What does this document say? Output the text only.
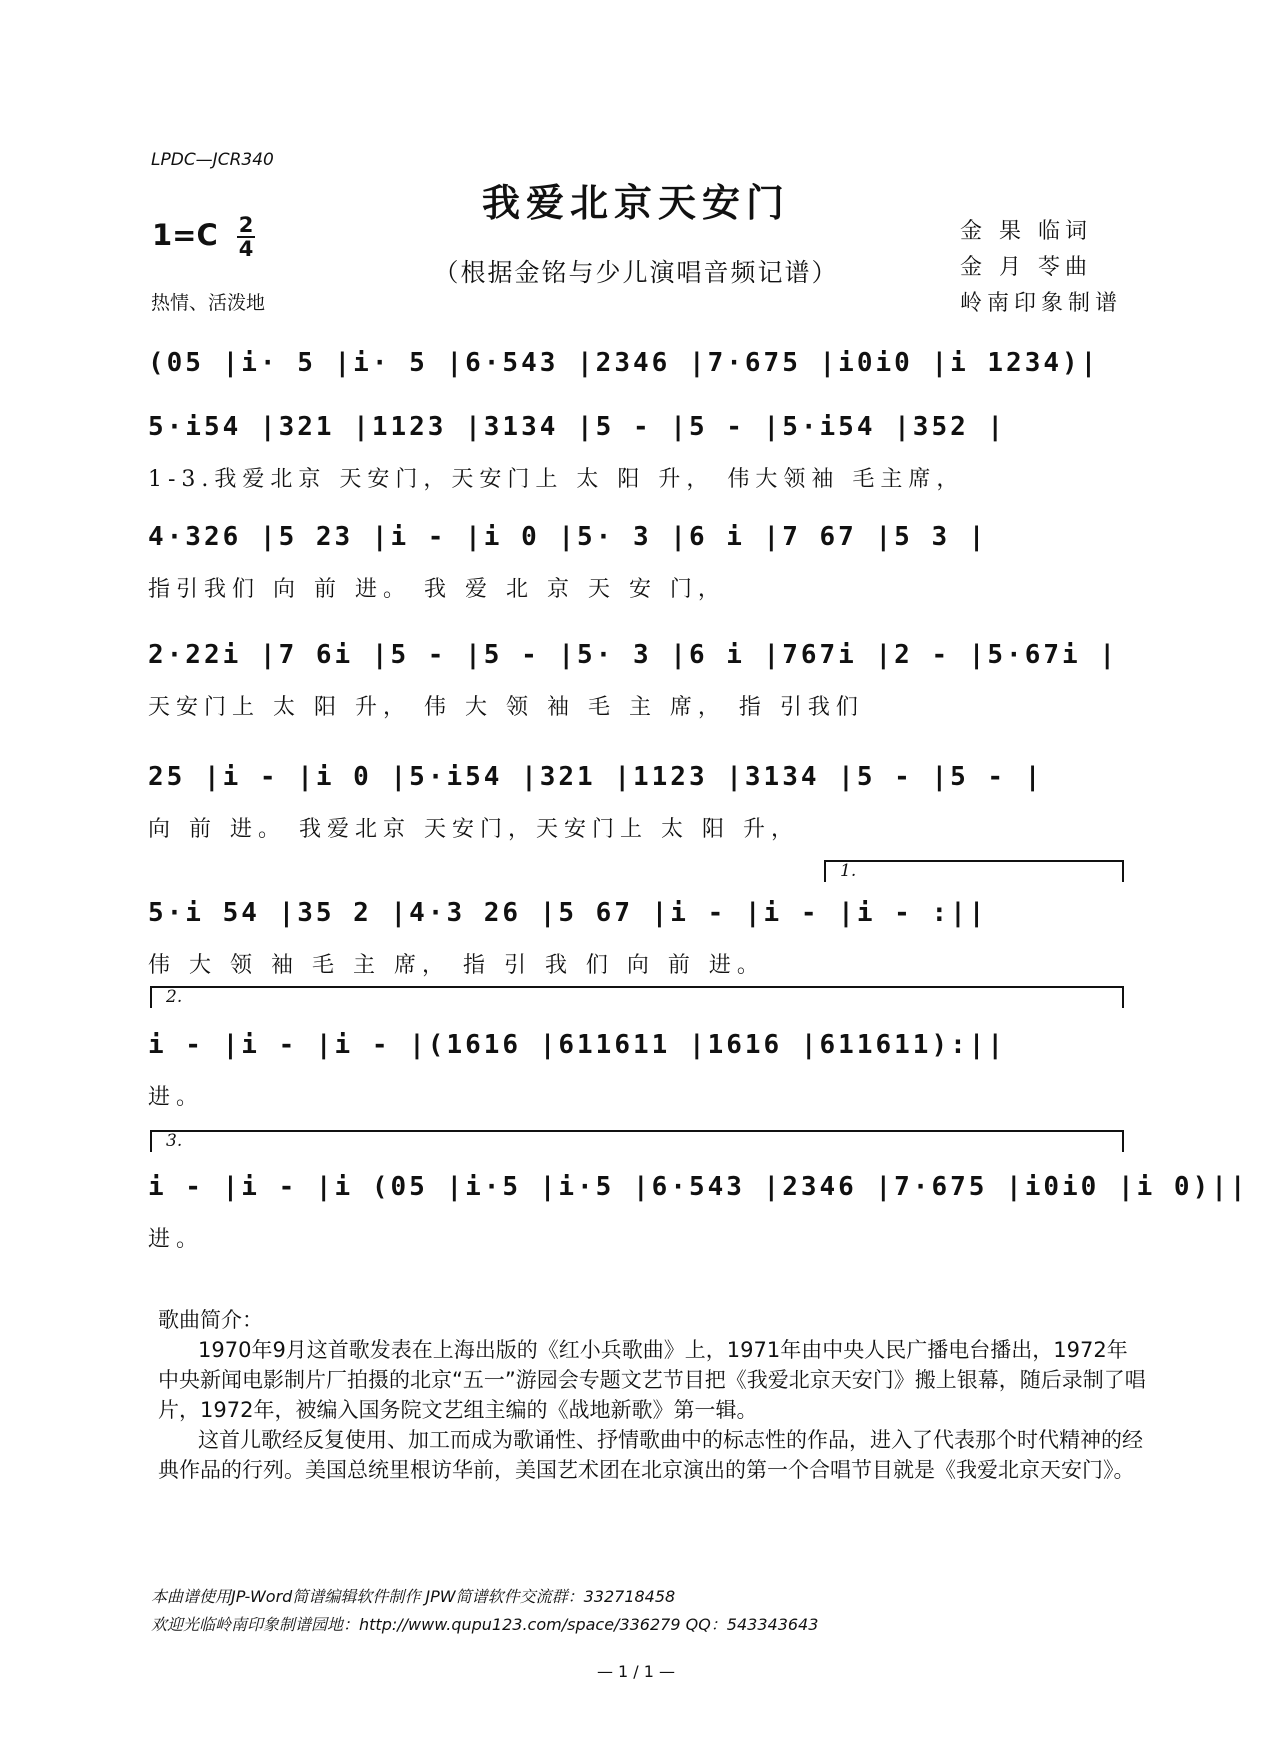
LPDC—JCR340
我爱北京天安门
1=C 2
4
（根据金铭与少儿演唱音频记谱）
热情、活泼地
金 果 临词
金 月 苓曲
岭南印象制谱
(05 |i· 5 |i· 5 |6·543 |2346 |7·675 |i0i0 |i 1234)|
5·i54 |321 |1123 |3134 |5 - |5 - |5·i54 |352 |
1-3.我爱北京 天安门，天安门上 太 阳 升， 伟大领袖 毛主席，
4·326 |5 23 |i - |i 0 |5· 3 |6 i |7 67 |5 3 |
指引我们 向 前 进。 我 爱 北 京 天 安 门，
2·22i |7 6i |5 - |5 - |5· 3 |6 i |767i |2 - |5·67i |
天安门上 太 阳 升， 伟 大 领 袖 毛 主 席， 指 引我们
25 |i - |i 0 |5·i54 |321 |1123 |3134 |5 - |5 - |
向 前 进。 我爱北京 天安门，天安门上 太 阳 升，
1.
5·i 54 |35 2 |4·3 26 |5 67 |i - |i - |i - :||
伟 大 领 袖 毛 主 席， 指 引 我 们 向 前 进。
2.
i - |i - |i - |(1616 |611611 |1616 |611611):||
进。
3.
i - |i - |i (05 |i·5 |i·5 |6·543 |2346 |7·675 |i0i0 |i 0)||
进。

歌曲简介：

1970年9月这首歌发表在上海出版的《红小兵歌曲》上，1971年由中央人民广播电台播出，1972年中央新闻电影制片厂拍摄的北京“五一”游园会专题文艺节目把《我爱北京天安门》搬上银幕，随后录制了唱片，1972年，被编入国务院文艺组主编的《战地新歌》第一辑。

这首儿歌经反复使用、加工而成为歌诵性、抒情歌曲中的标志性的作品，进入了代表那个时代精神的经典作品的行列。美国总统里根访华前，美国艺术团在北京演出的第一个合唱节目就是《我爱北京天安门》。

本曲谱使用JP-Word简谱编辑软件制作 JPW简谱软件交流群：332718458
欢迎光临岭南印象制谱园地：http://www.qupu123.com/space/336279 QQ：543343643
— 1 / 1 —
